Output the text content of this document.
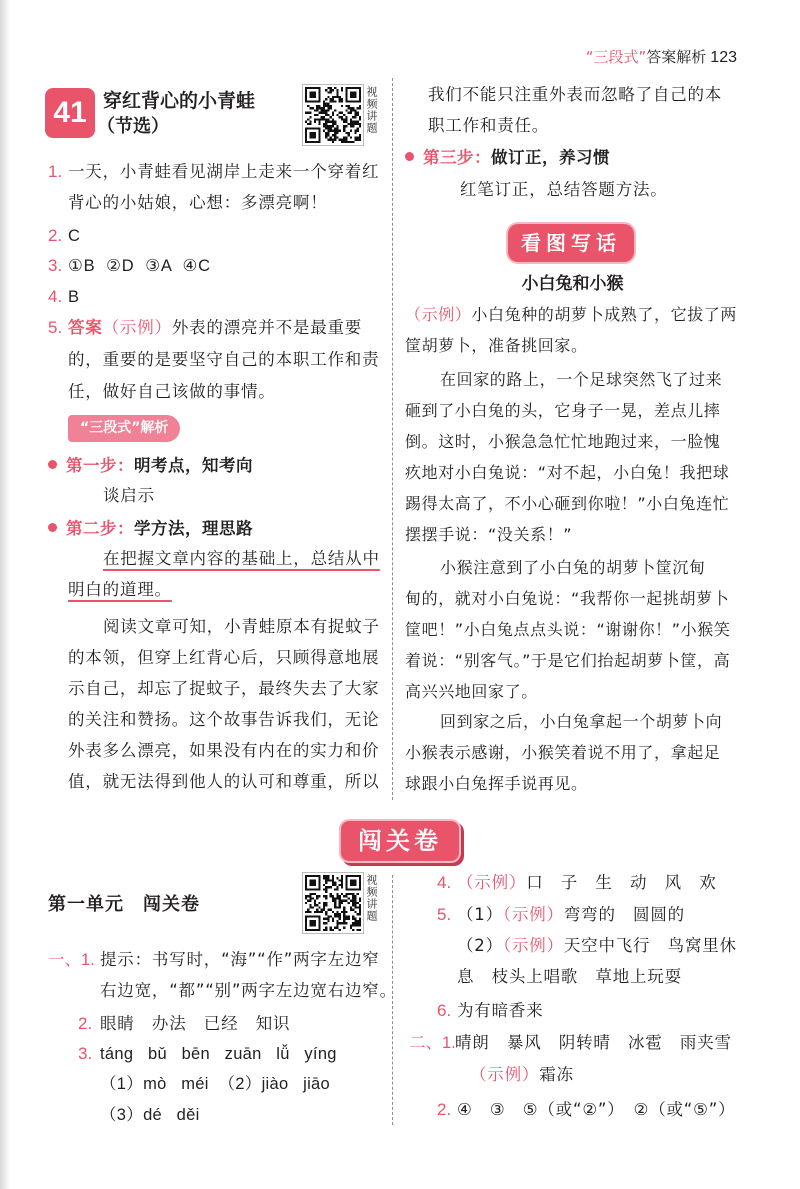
“三段式”答案解析 123
41 穿红背心的小青蛙
（节选）	视频讲题
1. 一天，小青蛙看见湖岸上走来一个穿着红
背心的小姑娘，心想：多漂亮啊！
2. C
3. ①B  ②D  ③A  ④C
4. B
5. 答案（示例）外表的漂亮并不是最重要
的，重要的是要坚守自己的本职工作和责
任，做好自己该做的事情。
“三段式”解析
第一步：明考点，知考向
谈启示
第二步：学方法，理思路
在把握文章内容的基础上，总结从中
明白的道理。
阅读文章可知，小青蛙原本有捉蚊子
的本领，但穿上红背心后，只顾得意地展
示自己，却忘了捉蚊子，最终失去了大家
的关注和赞扬。这个故事告诉我们，无论
外表多么漂亮，如果没有内在的实力和价
值，就无法得到他人的认可和尊重，所以
我们不能只注重外表而忽略了自己的本
职工作和责任。
第三步：做订正，养习惯
红笔订正，总结答题方法。
看图写话
小白兔和小猴
（示例）小白兔种的胡萝卜成熟了，它拔了两
筐胡萝卜，准备挑回家。
在回家的路上，一个足球突然飞了过来
砸到了小白兔的头，它身子一晃，差点儿摔
倒。这时，小猴急急忙忙地跑过来，一脸愧
疚地对小白兔说：“对不起，小白兔！我把球
踢得太高了，不小心砸到你啦！”小白兔连忙
摆摆手说：“没关系！”
小猴注意到了小白兔的胡萝卜筐沉甸
甸的，就对小白兔说：“我帮你一起挑胡萝卜
筐吧！”小白兔点点头说：“谢谢你！”小猴笑
着说：“别客气。”于是它们抬起胡萝卜筐，高
高兴兴地回家了。
回到家之后，小白兔拿起一个胡萝卜向
小猴表示感谢，小猴笑着说不用了，拿起足
球跟小白兔挥手说再见。
闯关卷
第一单元　闯关卷	视频讲题
一、1. 提示：书写时，“海”“作”两字左边窄
右边宽，“都”“别”两字左边宽右边窄。
2. 眼睛　办法　已经　知识
3. táng   bǔ   bēn   zuān   lǚ   yíng
（1）mò   méi  （2）jiào   jiāo
（3）dé   děi
4. （示例）口　子　生　动　风　欢
5. （1）（示例）弯弯的　圆圆的
（2）（示例）天空中飞行　鸟窝里休
息　枝头上唱歌　草地上玩耍
6. 为有暗香来
二、1.晴朗　暴风　阴转晴　冰雹　雨夹雪
（示例）霜冻
2. ④　③　⑤（或“②”）　②（或“⑤”）
